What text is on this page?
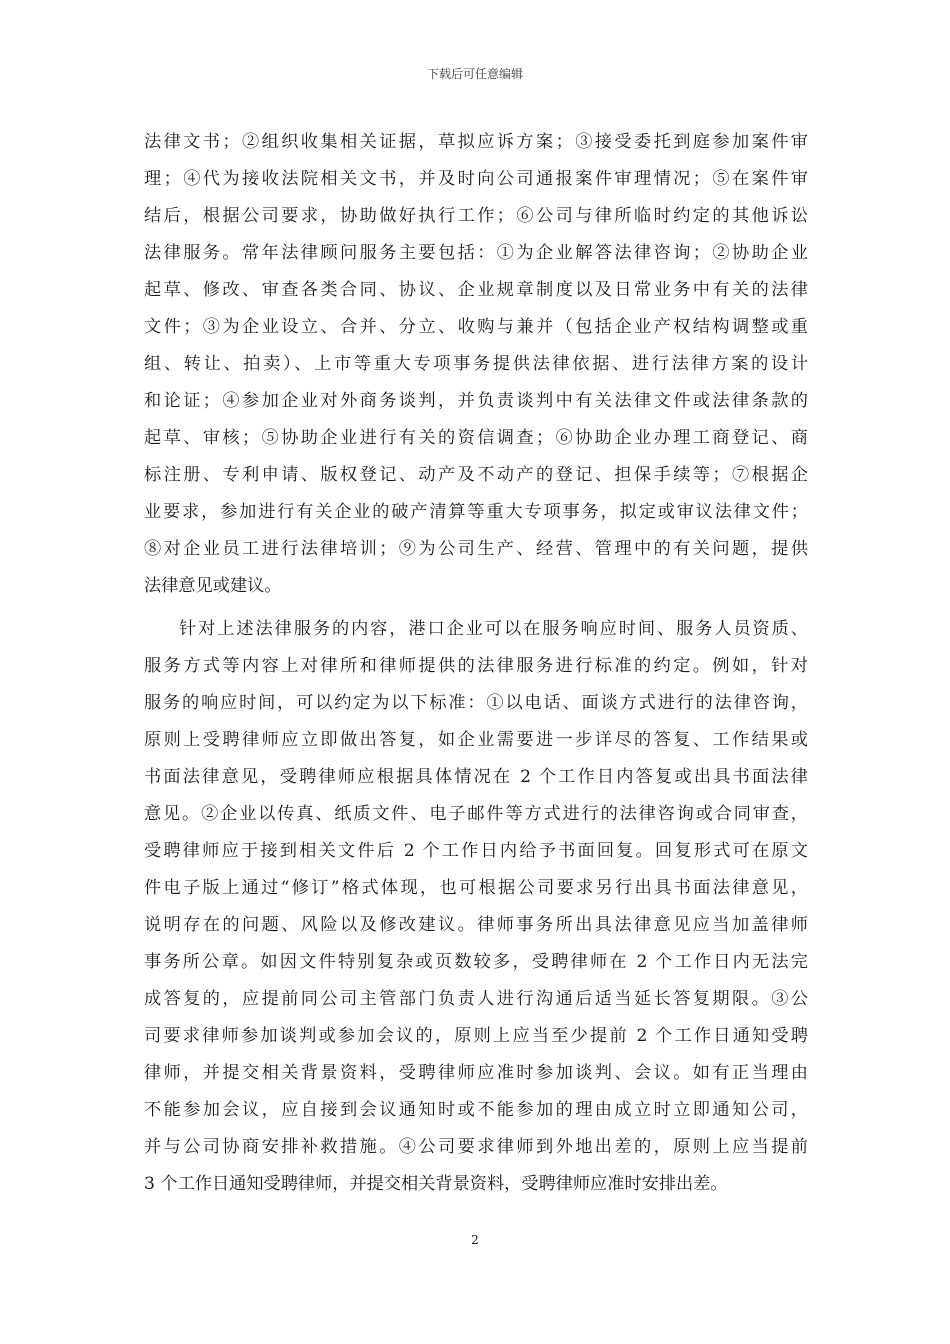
下载后可任意编辑
法律文书；②组织收集相关证据，草拟应诉方案；③接受委托到庭参加案件审
理；④代为接收法院相关文书，并及时向公司通报案件审理情况；⑤在案件审
结后，根据公司要求，协助做好执行工作；⑥公司与律所临时约定的其他诉讼
法律服务。常年法律顾问服务主要包括：①为企业解答法律咨询；②协助企业
起草、修改、审查各类合同、协议、企业规章制度以及日常业务中有关的法律
文件；③为企业设立、合并、分立、收购与兼并（包括企业产权结构调整或重
组、转让、拍卖）、上市等重大专项事务提供法律依据、进行法律方案的设计
和论证；④参加企业对外商务谈判，并负责谈判中有关法律文件或法律条款的
起草、审核；⑤协助企业进行有关的资信调查；⑥协助企业办理工商登记、商
标注册、专利申请、版权登记、动产及不动产的登记、担保手续等；⑦根据企
业要求，参加进行有关企业的破产清算等重大专项事务，拟定或审议法律文件；
⑧对企业员工进行法律培训；⑨为公司生产、经营、管理中的有关问题，提供
法律意见或建议。
针对上述法律服务的内容，港口企业可以在服务响应时间、服务人员资质、
服务方式等内容上对律所和律师提供的法律服务进行标准的约定。例如，针对
服务的响应时间，可以约定为以下标准：①以电话、面谈方式进行的法律咨询，
原则上受聘律师应立即做出答复，如企业需要进一步详尽的答复、工作结果或
书面法律意见，受聘律师应根据具体情况在 2 个工作日内答复或出具书面法律
意见。②企业以传真、纸质文件、电子邮件等方式进行的法律咨询或合同审查，
受聘律师应于接到相关文件后 2 个工作日内给予书面回复。回复形式可在原文
件电子版上通过“修订”格式体现，也可根据公司要求另行出具书面法律意见，
说明存在的问题、风险以及修改建议。律师事务所出具法律意见应当加盖律师
事务所公章。如因文件特别复杂或页数较多，受聘律师在 2 个工作日内无法完
成答复的，应提前同公司主管部门负责人进行沟通后适当延长答复期限。③公
司要求律师参加谈判或参加会议的，原则上应当至少提前 2 个工作日通知受聘
律师，并提交相关背景资料，受聘律师应准时参加谈判、会议。如有正当理由
不能参加会议，应自接到会议通知时或不能参加的理由成立时立即通知公司，
并与公司协商安排补救措施。④公司要求律师到外地出差的，原则上应当提前
3 个工作日通知受聘律师，并提交相关背景资料，受聘律师应准时安排出差。
2
